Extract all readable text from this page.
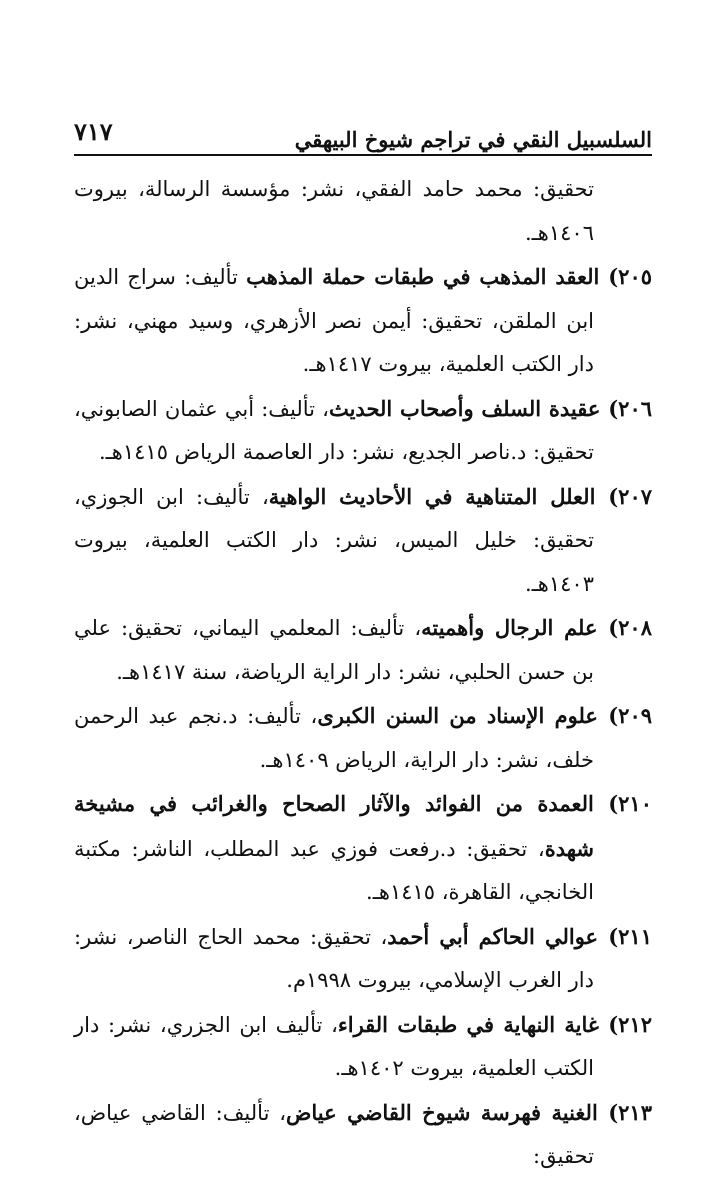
٧١٧	السلسبيل النقي في تراجم شيوخ البيهقي

تحقيق: محمد حامد الفقي، نشر: مؤسسة الرسالة، بيروت ١٤٠٦هـ.

٢٠٥) العقد المذهب في طبقات حملة المذهب تأليف: سراج الدين ابن الملقن، تحقيق: أيمن نصر الأزهري، وسيد مهني، نشر: دار الكتب العلمية، بيروت ١٤١٧هـ.

٢٠٦) عقيدة السلف وأصحاب الحديث، تأليف: أبي عثمان الصابوني، تحقيق: د.ناصر الجديع، نشر: دار العاصمة الرياض ١٤١٥هـ.

٢٠٧) العلل المتناهية في الأحاديث الواهية، تأليف: ابن الجوزي، تحقيق: خليل الميس، نشر: دار الكتب العلمية، بيروت ١٤٠٣هـ.

٢٠٨) علم الرجال وأهميته، تأليف: المعلمي اليماني، تحقيق: علي بن حسن الحلبي، نشر: دار الراية الرياضة، سنة ١٤١٧هـ.

٢٠٩) علوم الإسناد من السنن الكبرى، تأليف: د.نجم عبد الرحمن خلف، نشر: دار الراية، الرياض ١٤٠٩هـ.

٢١٠) العمدة من الفوائد والآثار الصحاح والغرائب في مشيخة شهدة، تحقيق: د.رفعت فوزي عبد المطلب، الناشر: مكتبة الخانجي، القاهرة، ١٤١٥هـ.

٢١١) عوالي الحاكم أبي أحمد، تحقيق: محمد الحاج الناصر، نشر: دار الغرب الإسلامي، بيروت ١٩٩٨م.

٢١٢) غاية النهاية في طبقات القراء، تأليف ابن الجزري، نشر: دار الكتب العلمية، بيروت ١٤٠٢هـ.

٢١٣) الغنية فهرسة شيوخ القاضي عياض، تأليف: القاضي عياض، تحقيق:
